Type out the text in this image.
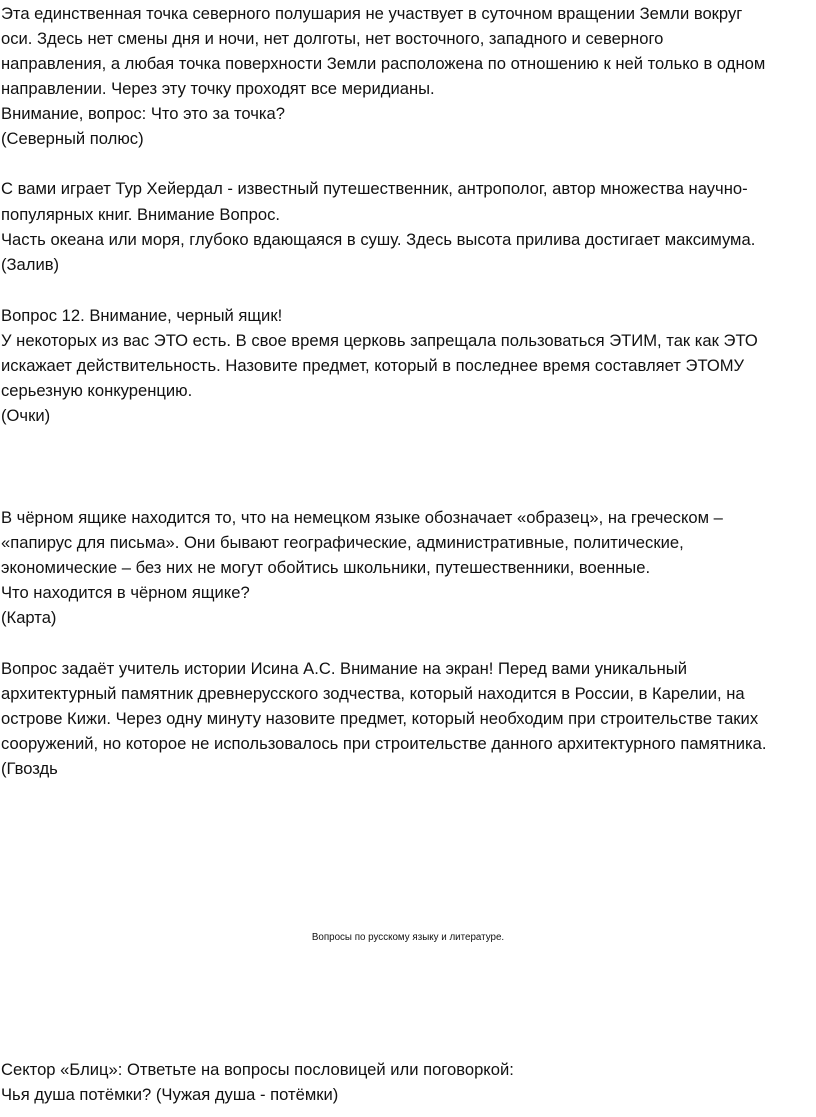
Эта единственная точка северного полушария не участвует в суточном вращении Земли вокруг
оси. Здесь нет смены дня и ночи, нет долготы, нет восточного, западного и северного
направления, а любая точка поверхности Земли расположена по отношению к ней только в одном
направлении. Через эту точку проходят все меридианы.
Внимание, вопрос: Что это за точка?
(Северный полюс)
С вами играет Тур Хейердал - известный путешественник, антрополог, автор множества научно-
популярных книг. Внимание Вопрос.
Часть океана или моря, глубоко вдающаяся в сушу. Здесь высота прилива достигает максимума.
(Залив)
Вопрос 12. Внимание, черный ящик!
У некоторых из вас ЭТО есть. В свое время церковь запрещала пользоваться ЭТИМ, так как ЭТО
искажает действительность. Назовите предмет, который в последнее время составляет ЭТОМУ
серьезную конкуренцию.
(Очки)
В чёрном ящике находится то, что на немецком языке обозначает «образец», на греческом –
«папирус для письма». Они бывают географические, административные, политические,
экономические – без них не могут обойтись школьники, путешественники, военные.
Что находится в чёрном ящике?
(Карта)
Вопрос задаёт учитель истории Исина А.С. Внимание на экран! Перед вами уникальный
архитектурный памятник древнерусского зодчества, который находится в России, в Карелии, на
острове Кижи. Через одну минуту назовите предмет, который необходим при строительстве таких
сооружений, но которое не использовалось при строительстве данного архитектурного памятника.
(Гвоздь
Вопросы по русскому языку и литературе.
Сектор «Блиц»: Ответьте на вопросы пословицей или поговоркой:
Чья душа потёмки? (Чужая душа - потёмки)
